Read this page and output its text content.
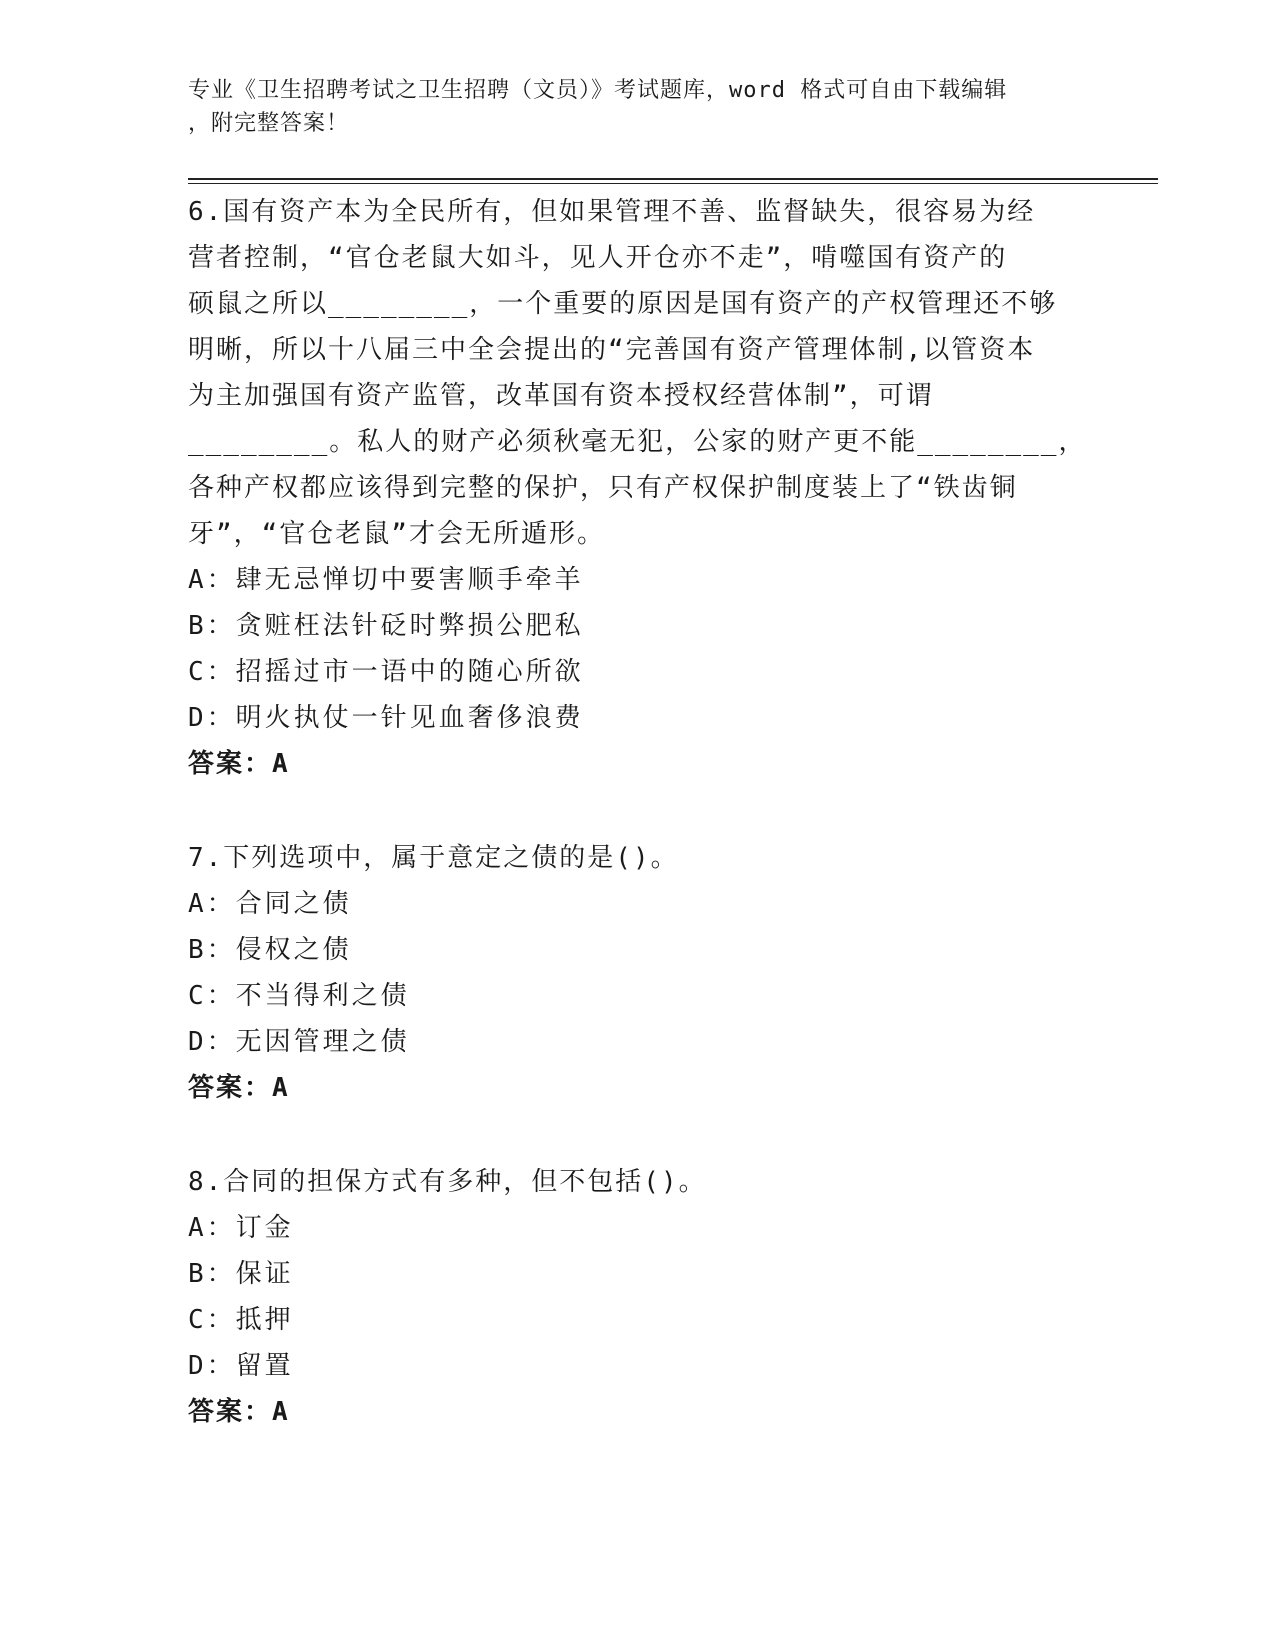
专业《卫生招聘考试之卫生招聘（文员）》考试题库，word 格式可自由下载编辑
，附完整答案！
6.国有资产本为全民所有，但如果管理不善、监督缺失，很容易为经
营者控制，“官仓老鼠大如斗，见人开仓亦不走”，啃噬国有资产的
硕鼠之所以________，一个重要的原因是国有资产的产权管理还不够
明晰，所以十八届三中全会提出的“完善国有资产管理体制,以管资本
为主加强国有资产监管，改革国有资本授权经营体制”，可谓
________。私人的财产必须秋毫无犯，公家的财产更不能________，
各种产权都应该得到完整的保护，只有产权保护制度装上了“铁齿铜
牙”，“官仓老鼠”才会无所遁形。
A：肆无忌惮切中要害顺手牵羊
B：贪赃枉法针砭时弊损公肥私
C：招摇过市一语中的随心所欲
D：明火执仗一针见血奢侈浪费
答案：A
7.下列选项中，属于意定之债的是()。
A：合同之债
B：侵权之债
C：不当得利之债
D：无因管理之债
答案：A
8.合同的担保方式有多种，但不包括()。
A：订金
B：保证
C：抵押
D：留置
答案：A
